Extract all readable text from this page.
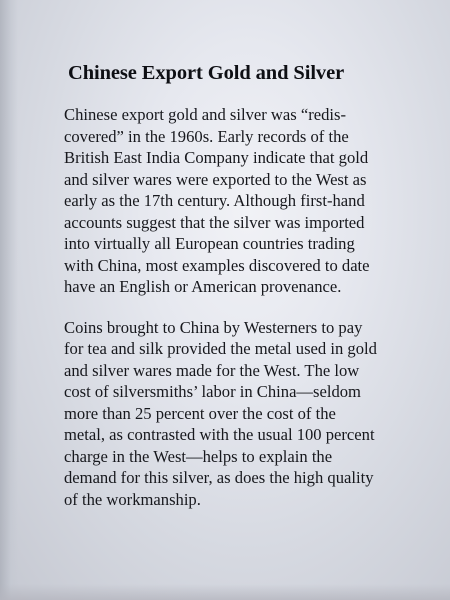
Chinese Export Gold and Silver

Chinese export gold and silver was “redis-
covered” in the 1960s. Early records of the
British East India Company indicate that gold
and silver wares were exported to the West as
early as the 17th century. Although first-hand
accounts suggest that the silver was imported
into virtually all European countries trading
with China, most examples discovered to date
have an English or American provenance.

Coins brought to China by Westerners to pay
for tea and silk provided the metal used in gold
and silver wares made for the West. The low
cost of silversmiths’ labor in China—seldom
more than 25 percent over the cost of the
metal, as contrasted with the usual 100 percent
charge in the West—helps to explain the
demand for this silver, as does the high quality
of the workmanship.
